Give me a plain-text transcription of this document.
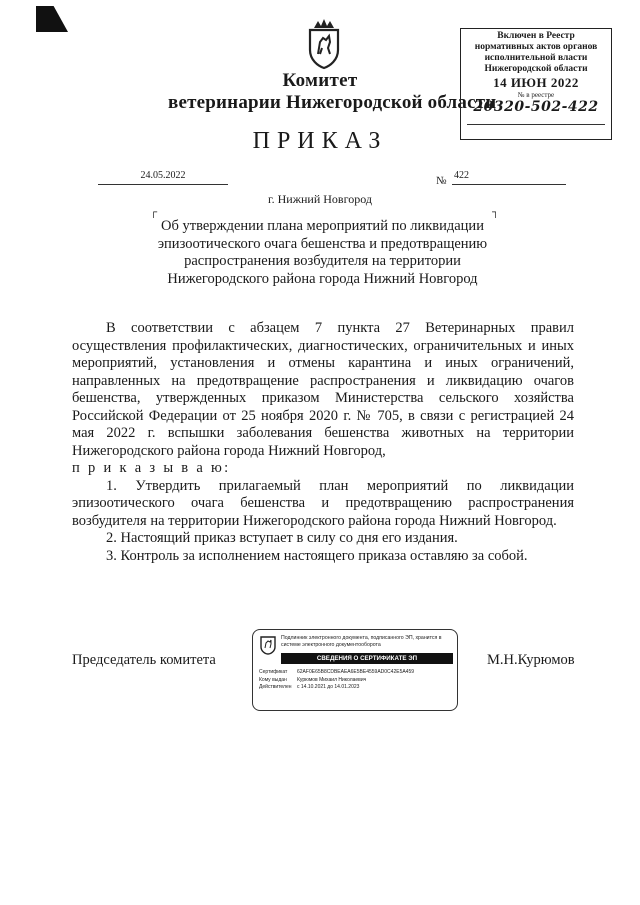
Комитет
ветеринарии Нижегородской области
ПРИКАЗ
Включен в Реестр
нормативных актов органов
исполнительной власти
Нижегородской области
14 ИЮН 2022
№ в реестре
20320-502-422
24.05.2022	№ 422
г. Нижний Новгород
┌	┐
Об утверждении плана мероприятий по ликвидации эпизоотического очага бешенства и предотвращению распространения возбудителя на территории Нижегородского района города Нижний Новгород

В соответствии с абзацем 7 пункта 27 Ветеринарных правил осуществления профилактических, диагностических, ограничительных и иных мероприятий, установления и отмены карантина и иных ограничений, направленных на предотвращение распространения и ликвидацию очагов бешенства, утвержденных приказом Министерства сельского хозяйства Российской Федерации от 25 ноября 2020 г. № 705, в связи с регистрацией 24 мая 2022 г. вспышки заболевания бешенства животных на территории Нижегородского района города Нижний Новгород,

п р и к а з ы в а ю:

1. Утвердить прилагаемый план мероприятий по ликвидации эпизоотического очага бешенства и предотвращению распространения возбудителя на территории Нижегородского района города Нижний Новгород.

2. Настоящий приказ вступает в силу со дня его издания.

3. Контроль за исполнением настоящего приказа оставляю за собой.

Председатель комитета	М.Н.Курюмов
Подлинник электронного документа, подписанного ЭП, хранится в системе электронного документооборота
СВЕДЕНИЯ О СЕРТИФИКАТЕ ЭП
Сертификат	62AF0E65B8CDBEAEA6E5BE4559AD0C42E5A459
Кому выдан	Курюмов Михаил Николаевич
Действителен	с 14.10.2021 до 14.01.2023
